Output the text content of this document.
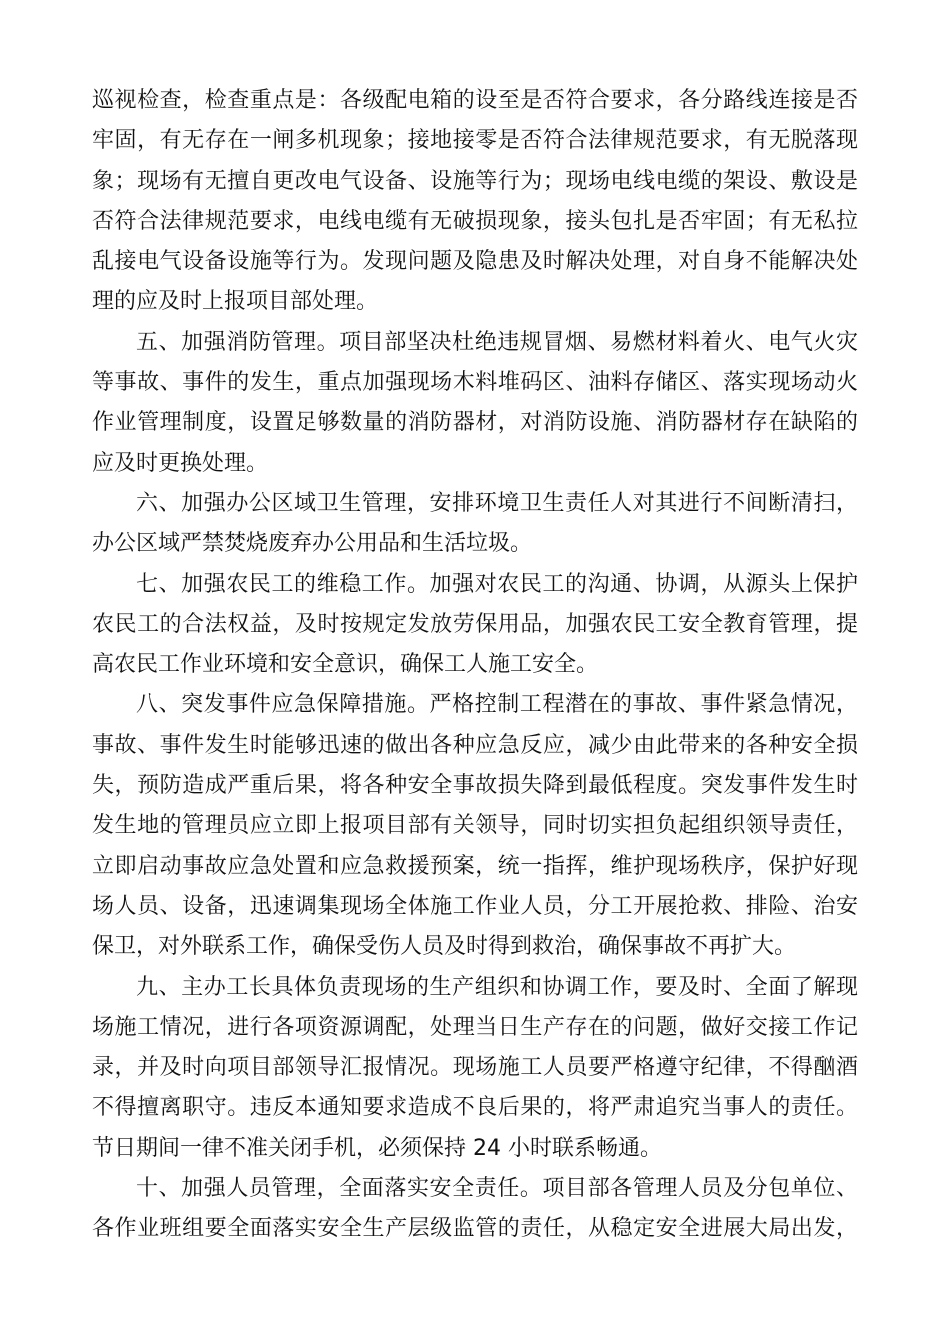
巡视检查，检查重点是：各级配电箱的设至是否符合要求，各分路线连接是否
牢固，有无存在一闸多机现象；接地接零是否符合法律规范要求，有无脱落现
象；现场有无擅自更改电气设备、设施等行为；现场电线电缆的架设、敷设是
否符合法律规范要求，电线电缆有无破损现象，接头包扎是否牢固；有无私拉
乱接电气设备设施等行为。发现问题及隐患及时解决处理，对自身不能解决处
理的应及时上报项目部处理。
五、加强消防管理。项目部坚决杜绝违规冒烟、易燃材料着火、电气火灾
等事故、事件的发生，重点加强现场木料堆码区、油料存储区、落实现场动火
作业管理制度，设置足够数量的消防器材，对消防设施、消防器材存在缺陷的
应及时更换处理。
六、加强办公区域卫生管理，安排环境卫生责任人对其进行不间断清扫，
办公区域严禁焚烧废弃办公用品和生活垃圾。
七、加强农民工的维稳工作。加强对农民工的沟通、协调，从源头上保护
农民工的合法权益，及时按规定发放劳保用品，加强农民工安全教育管理，提
高农民工作业环境和安全意识，确保工人施工安全。
八、突发事件应急保障措施。严格控制工程潜在的事故、事件紧急情况，
事故、事件发生时能够迅速的做出各种应急反应，减少由此带来的各种安全损
失，预防造成严重后果，将各种安全事故损失降到最低程度。突发事件发生时
发生地的管理员应立即上报项目部有关领导，同时切实担负起组织领导责任，
立即启动事故应急处置和应急救援预案，统一指挥，维护现场秩序，保护好现
场人员、设备，迅速调集现场全体施工作业人员，分工开展抢救、排险、治安
保卫，对外联系工作，确保受伤人员及时得到救治，确保事故不再扩大。
九、主办工长具体负责现场的生产组织和协调工作，要及时、全面了解现
场施工情况，进行各项资源调配，处理当日生产存在的问题，做好交接工作记
录，并及时向项目部领导汇报情况。现场施工人员要严格遵守纪律，不得酗酒
不得擅离职守。违反本通知要求造成不良后果的，将严肃追究当事人的责任。
节日期间一律不准关闭手机，必须保持 24 小时联系畅通。
十、加强人员管理，全面落实安全责任。项目部各管理人员及分包单位、
各作业班组要全面落实安全生产层级监管的责任，从稳定安全进展大局出发，
